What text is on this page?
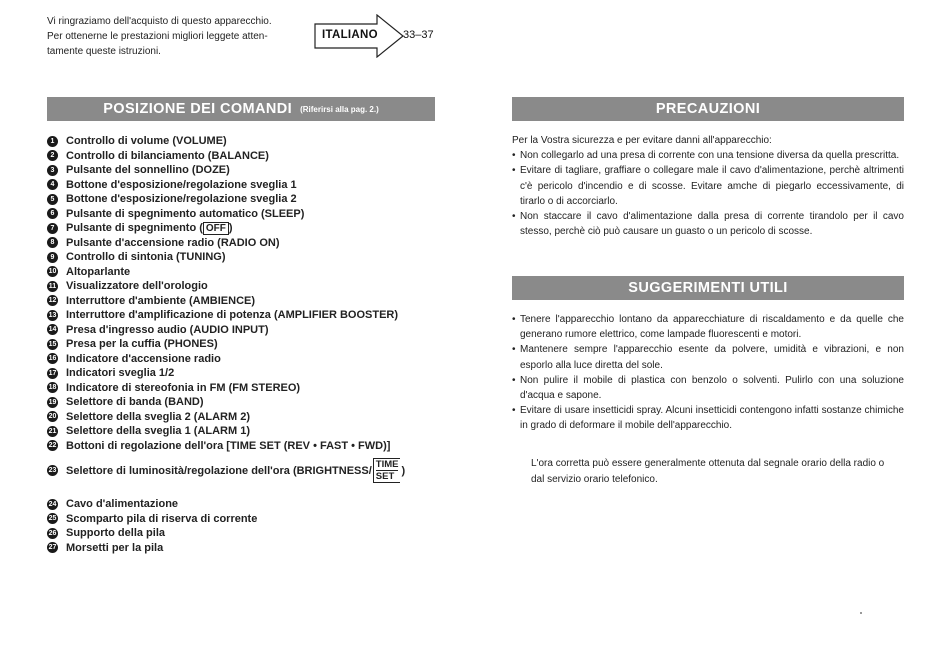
Vi ringraziamo dell'acquisto di questo apparecchio.
Per ottenerne le prestazioni migliori leggete atten-
tamente queste istruzioni.
ITALIANO 33–37
POSIZIONE DEI COMANDI (Riferirsi alla pag. 2.)
1	Controllo di volume (VOLUME)
2	Controllo di bilanciamento (BALANCE)
3	Pulsante del sonnellino (DOZE)
4	Bottone d'esposizione/regolazione sveglia 1
5	Bottone d'esposizione/regolazione sveglia 2
6	Pulsante di spegnimento automatico (SLEEP)
7	Pulsante di spegnimento ( OFF )
8	Pulsante d'accensione radio (RADIO ON)
9	Controllo di sintonia (TUNING)
10 Altoparlante
11 Visualizzatore dell'orologio
12 Interruttore d'ambiente (AMBIENCE)
13 Interruttore d'amplificazione di potenza (AMPLIFIER BOOSTER)
14 Presa d'ingresso audio (AUDIO INPUT)
15 Presa per la cuffia (PHONES)
16 Indicatore d'accensione radio
17 Indicatori sveglia 1/2
18 Indicatore di stereofonia in FM (FM STEREO)
19 Selettore di banda (BAND)
20 Selettore della sveglia 2 (ALARM 2)
21 Selettore della sveglia 1 (ALARM 1)
22 Bottoni di regolazione dell'ora [TIME SET (REV • FAST • FWD)]
23 Selettore di luminosità/regolazione dell'ora (BRIGHTNESS/ TIME
SET )
24 Cavo d'alimentazione
25 Scomparto pila di riserva di corrente
26 Supporto della pila
27 Morsetti per la pila
PRECAUZIONI

Per la Vostra sicurezza e per evitare danni all'apparecchio:

• Non collegarlo ad una presa di corrente con una tensione diversa da quella prescritta.
• Evitare di tagliare, graffiare o collegare male il cavo d'alimentazione, perchè altrimenti c'è pericolo d'incendio e di scosse. Evitare amche di piegarlo eccessivamente, di tirarlo o di accorciarlo.
• Non staccare il cavo d'alimentazione dalla presa di corrente tirandolo per il cavo stesso, perchè ciò può causare un guasto o un pericolo di scosse.
SUGGERIMENTI UTILI
• Tenere l'apparecchio lontano da apparecchiature di riscaldamento e da quelle che generano rumore elettrico, come lampade fluorescenti e motori.
• Mantenere sempre l'apparecchio esente da polvere, umidità e vibrazioni, e non esporlo alla luce diretta del sole.
• Non pulire il mobile di plastica con benzolo o solventi. Pulirlo con una soluzione d'acqua e sapone.
• Evitare di usare insetticidi spray. Alcuni insetticidi contengono infatti sostanze chimiche in grado di deformare il mobile dell'apparecchio.
L'ora corretta può essere generalmente ottenuta dal segnale orario della radio o dal servizio orario telefonico.
